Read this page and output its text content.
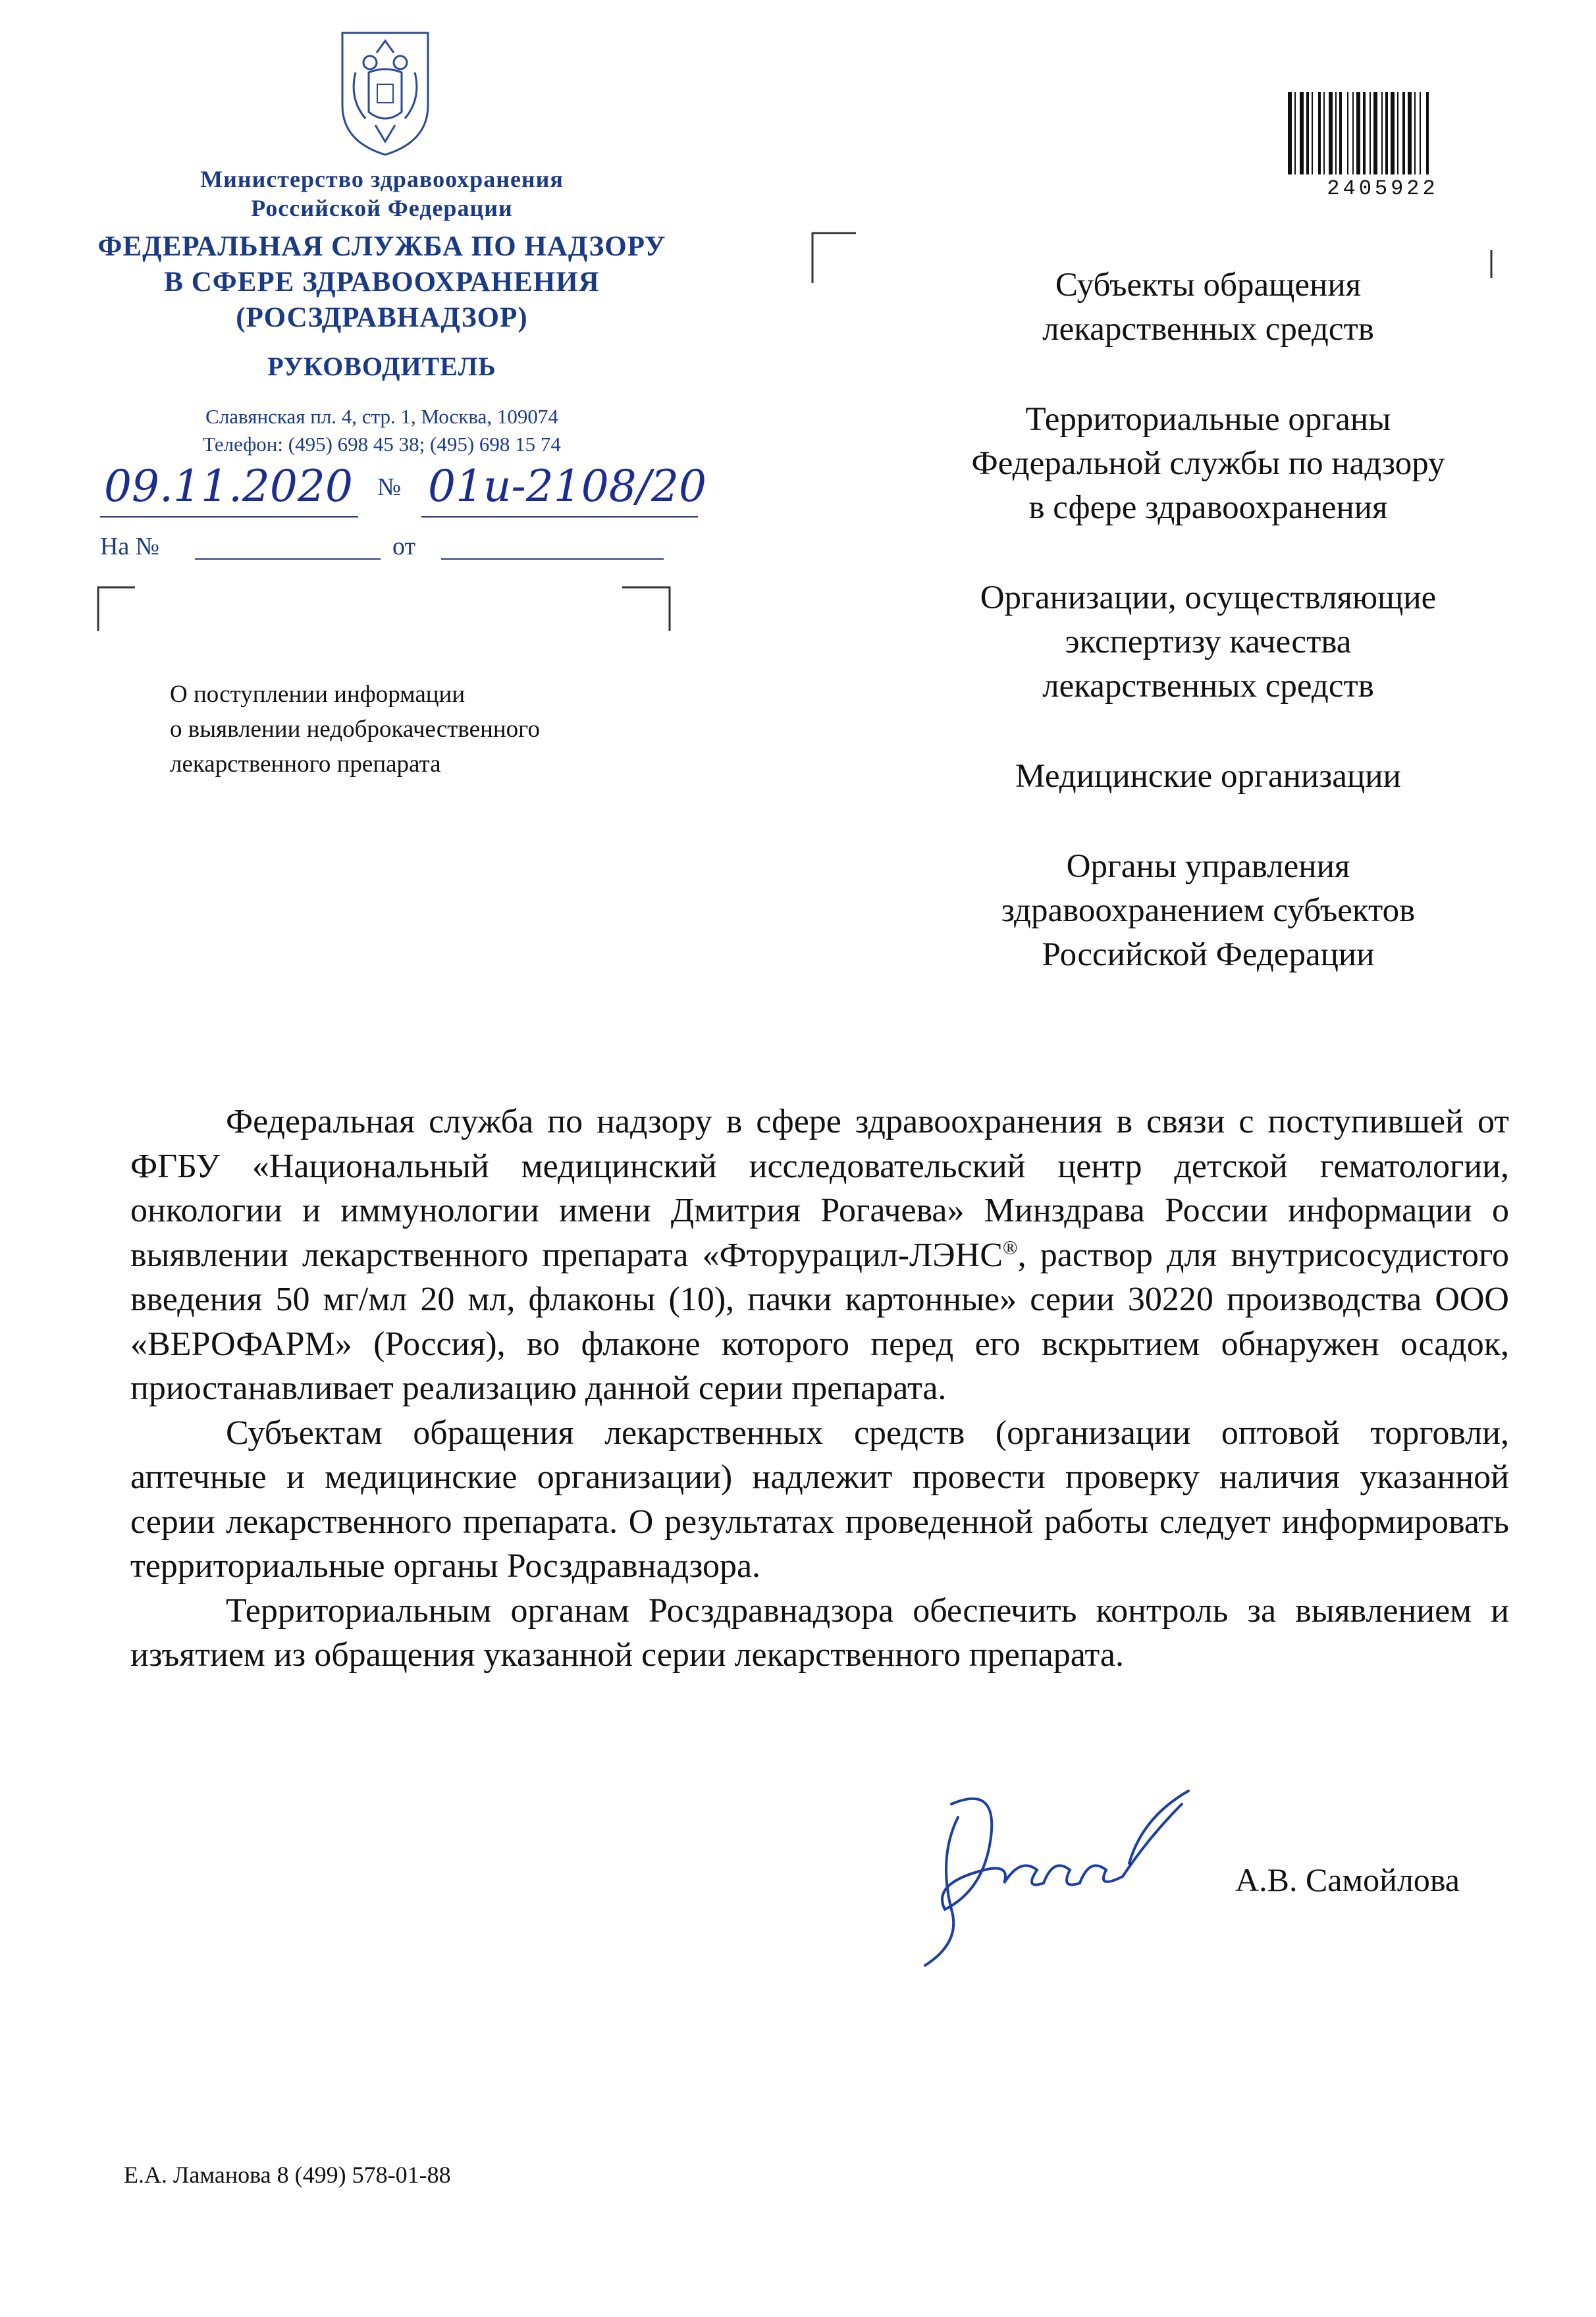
Министерство здравоохранения
Российской Федерации
ФЕДЕРАЛЬНАЯ СЛУЖБА ПО НАДЗОРУ
В СФЕРЕ ЗДРАВООХРАНЕНИЯ
(РОСЗДРАВНАДЗОР)
РУКОВОДИТЕЛЬ
Славянская пл. 4, стр. 1, Москва, 109074
Телефон: (495) 698 45 38; (495) 698 15 74
09.11.2020 № 01и-2108/20
На №	от
О поступлении информации
о выявлении недоброкачественного
лекарственного препарата
2405922
Субъекты обращения
лекарственных средств
Территориальные органы
Федеральной службы по надзору
в сфере здравоохранения
Организации, осуществляющие
экспертизу качества
лекарственных средств
Медицинские организации
Органы управления
здравоохранением субъектов
Российской Федерации

Федеральная служба по надзору в сфере здравоохранения в связи с поступившей от ФГБУ «Национальный медицинский исследовательский центр детской гематологии, онкологии и иммунологии имени Дмитрия Рогачева» Минздрава России информации о выявлении лекарственного препарата «Фторурацил-ЛЭНС®, раствор для внутрисосудистого введения 50 мг/мл 20 мл, флаконы (10), пачки картонные» серии 30220 производства ООО «ВЕРОФАРМ» (Россия), во флаконе которого перед его вскрытием обнаружен осадок, приостанавливает реализацию данной серии препарата.

Субъектам обращения лекарственных средств (организации оптовой торговли, аптечные и медицинские организации) надлежит провести проверку наличия указанной серии лекарственного препарата. О результатах проведенной работы следует информировать территориальные органы Росздравнадзора.

Территориальным органам Росздравнадзора обеспечить контроль за выявлением и изъятием из обращения указанной серии лекарственного препарата.

А.В. Самойлова
Е.А. Ламанова 8 (499) 578-01-88
